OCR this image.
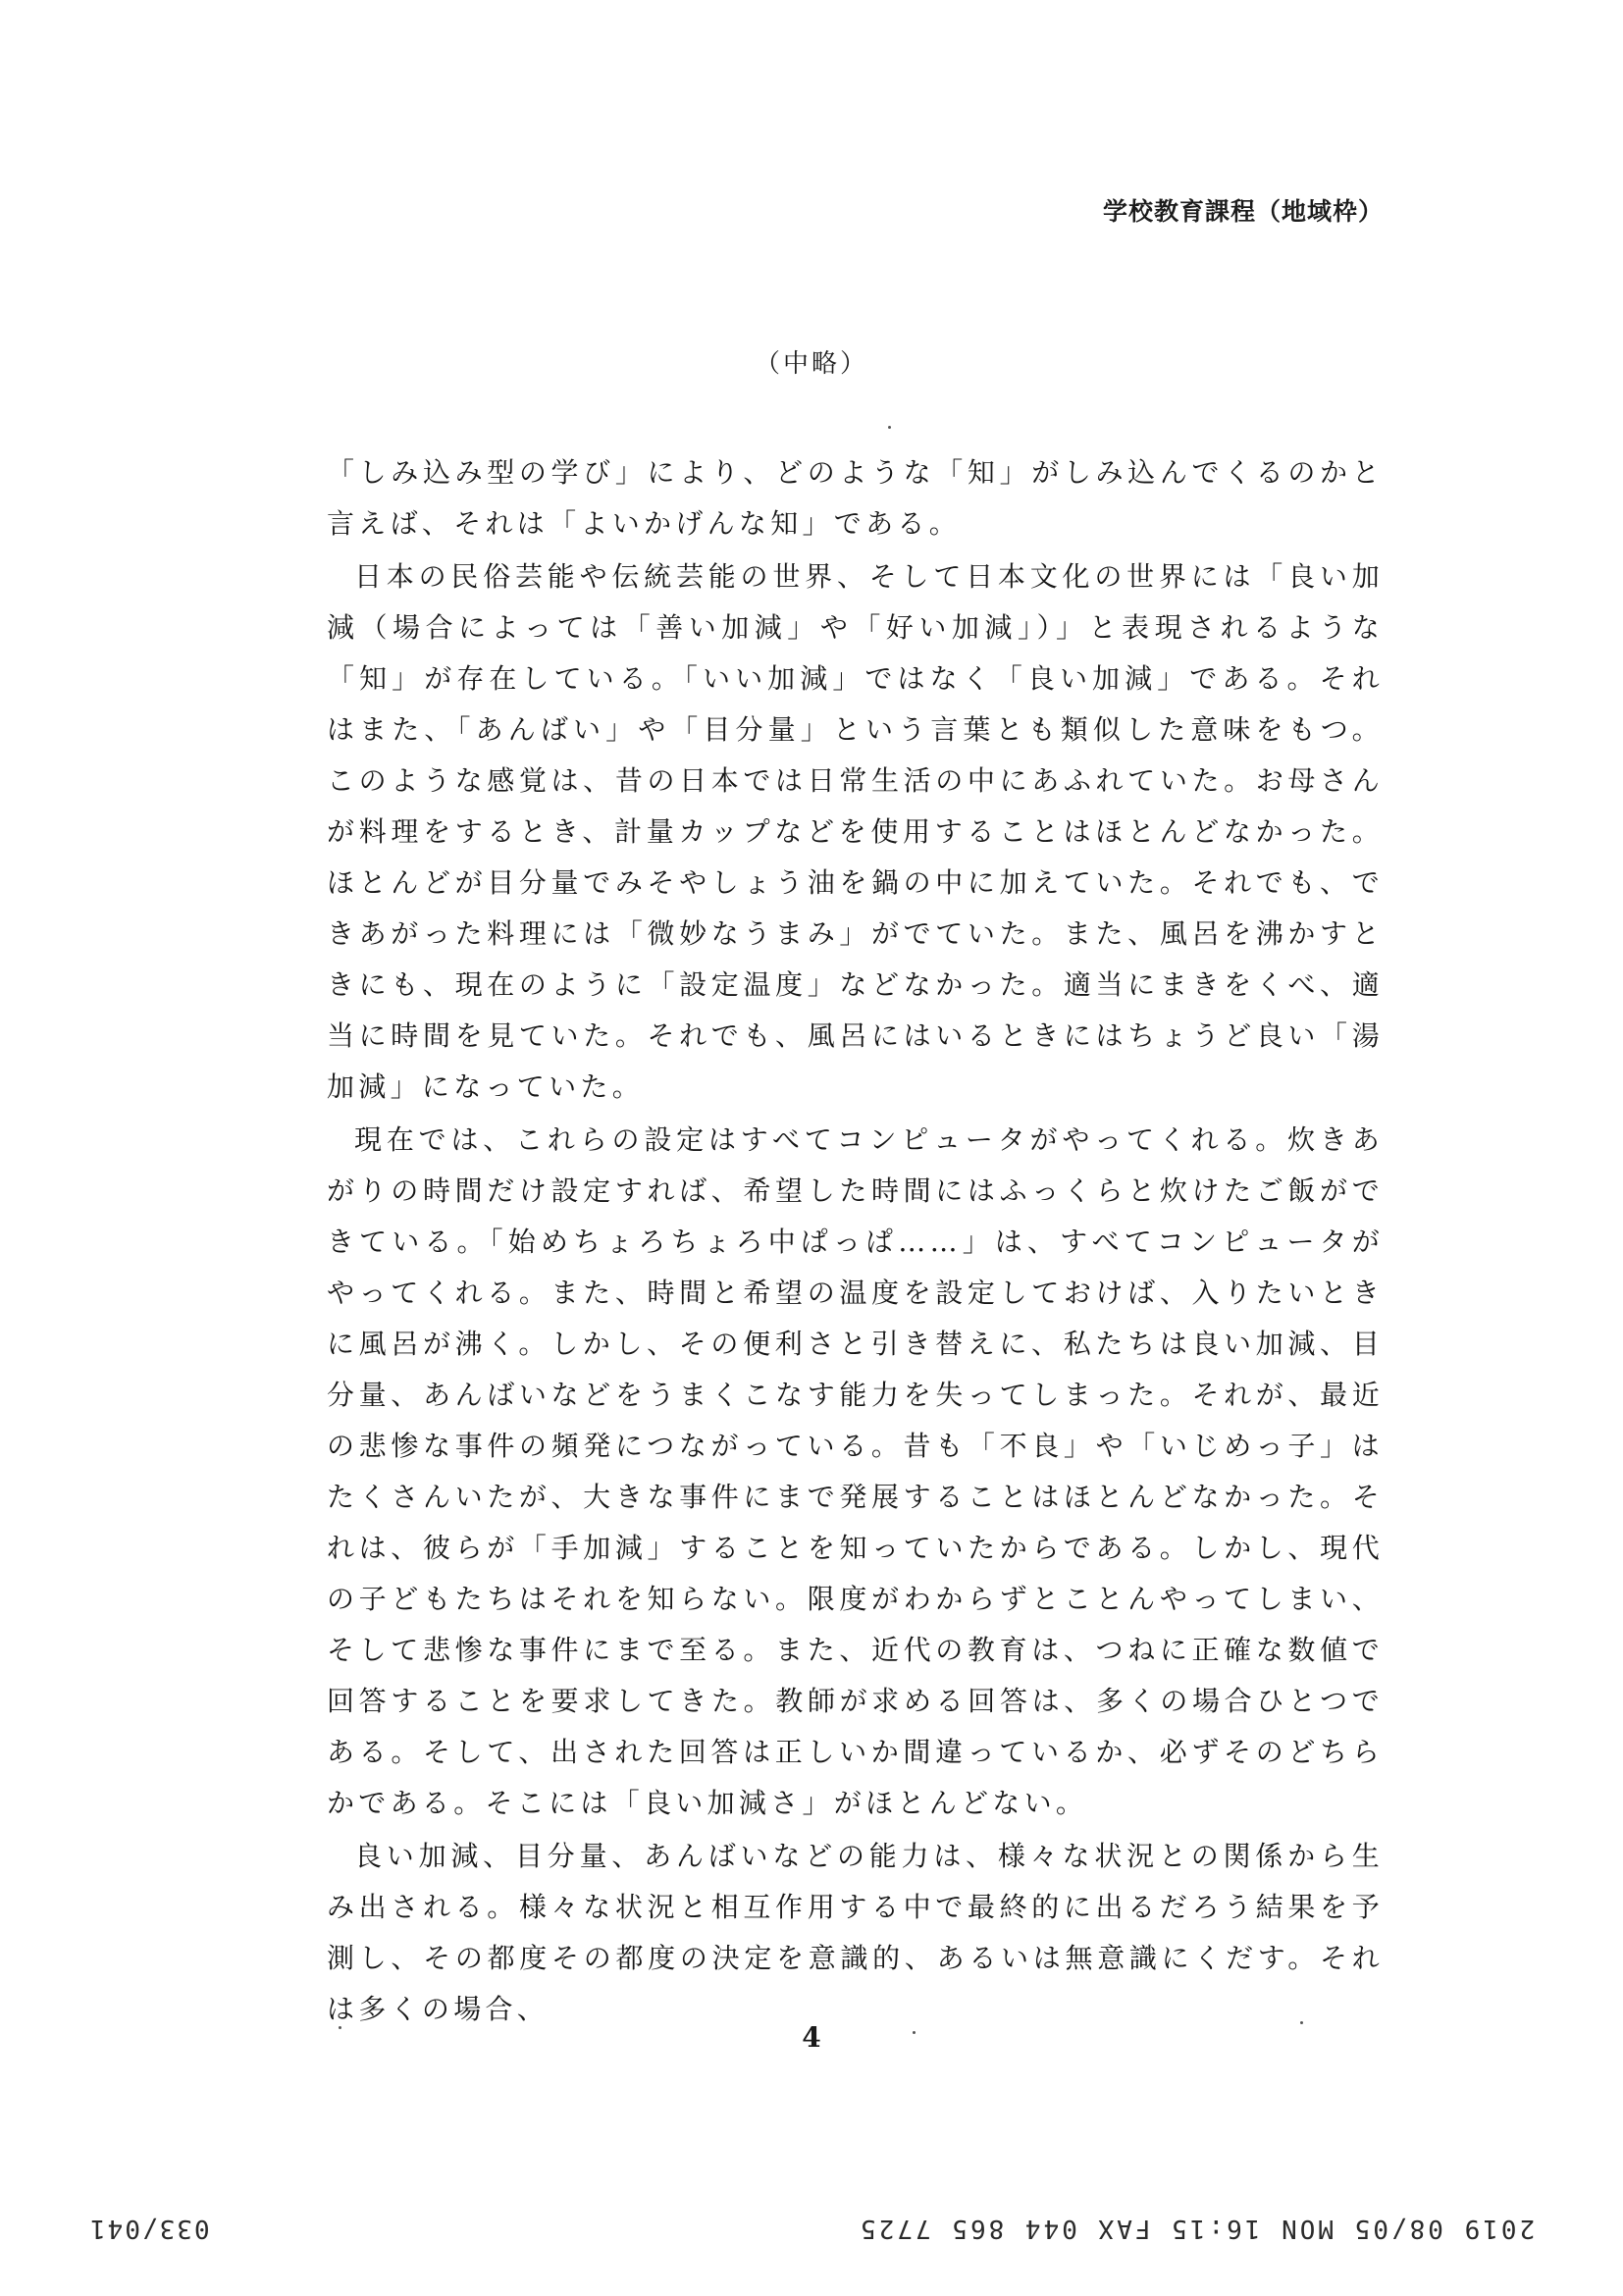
学校教育課程（地域枠）
（中略）

「しみ込み型の学び」により、どのような「知」がしみ込んでくるのかと言えば、それは「よいかげんな知」である。

日本の民俗芸能や伝統芸能の世界、そして日本文化の世界には「良い加減（場合によっては「善い加減」や「好い加減」）」と表現されるような「知」が存在している。「いい加減」ではなく「良い加減」である。それはまた、「あんばい」や「目分量」という言葉とも類似した意味をもつ。このような感覚は、昔の日本では日常生活の中にあふれていた。お母さんが料理をするとき、計量カップなどを使用することはほとんどなかった。ほとんどが目分量でみそやしょう油を鍋の中に加えていた。それでも、できあがった料理には「微妙なうまみ」がでていた。また、風呂を沸かすときにも、現在のように「設定温度」などなかった。適当にまきをくべ、適当に時間を見ていた。それでも、風呂にはいるときにはちょうど良い「湯加減」になっていた。

現在では、これらの設定はすべてコンピュータがやってくれる。炊きあがりの時間だけ設定すれば、希望した時間にはふっくらと炊けたご飯ができている。「始めちょろちょろ中ぱっぱ……」は、すべてコンピュータがやってくれる。また、時間と希望の温度を設定しておけば、入りたいときに風呂が沸く。しかし、その便利さと引き替えに、私たちは良い加減、目分量、あんばいなどをうまくこなす能力を失ってしまった。それが、最近の悲惨な事件の頻発につながっている。昔も「不良」や「いじめっ子」はたくさんいたが、大きな事件にまで発展することはほとんどなかった。それは、彼らが「手加減」することを知っていたからである。しかし、現代の子どもたちはそれを知らない。限度がわからずとことんやってしまい、そして悲惨な事件にまで至る。また、近代の教育は、つねに正確な数値で回答することを要求してきた。教師が求める回答は、多くの場合ひとつである。そして、出された回答は正しいか間違っているか、必ずそのどちらかである。そこには「良い加減さ」がほとんどない。

良い加減、目分量、あんばいなどの能力は、様々な状況との関係から生み出される。様々な状況と相互作用する中で最終的に出るだろう結果を予測し、その都度その都度の決定を意識的、あるいは無意識にくだす。それは多くの場合、

4
033/041	2019 08/05 MON 16:15 FAX 044 865 7725
